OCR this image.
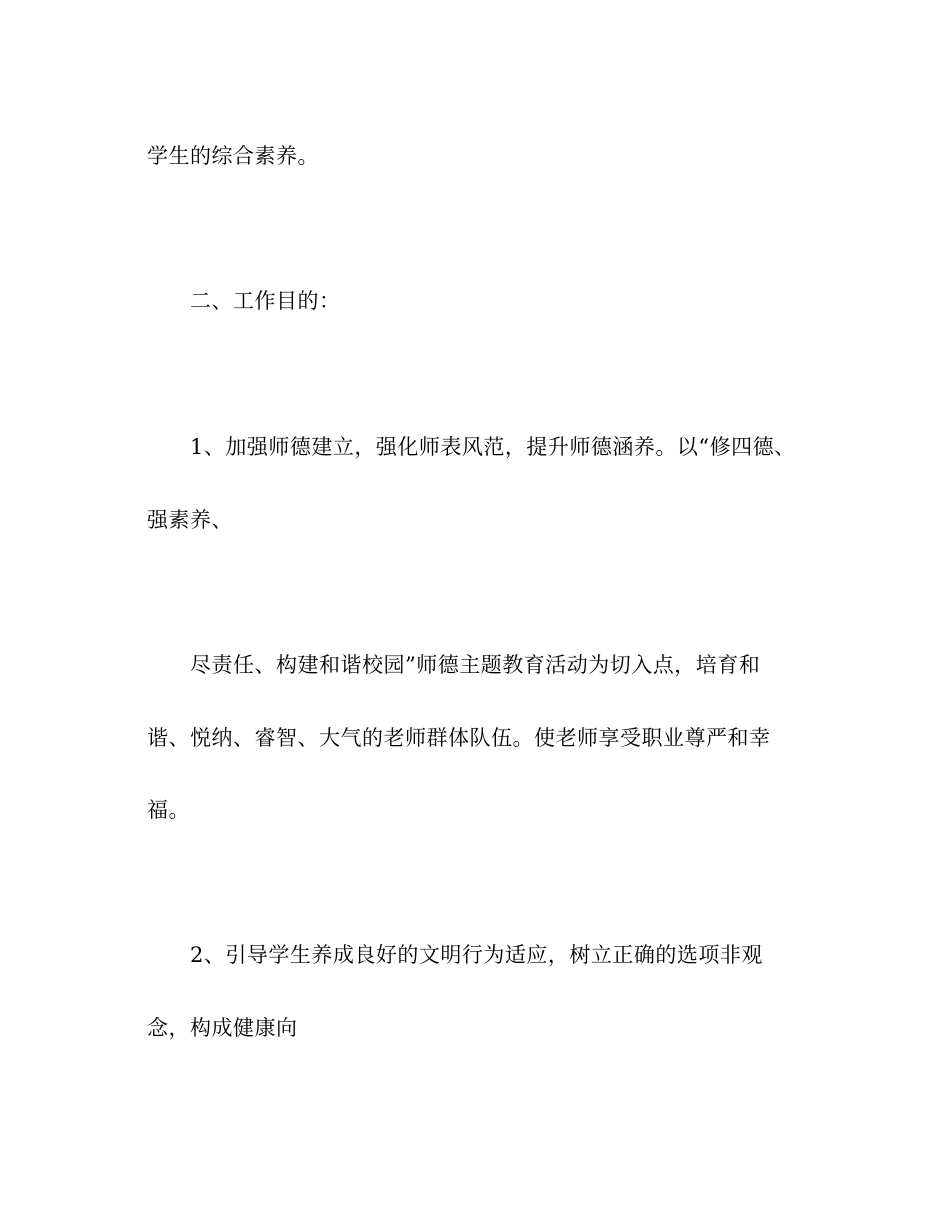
学生的综合素养。
二、工作目的：
1、加强师德建立，强化师表风范，提升师德涵养。以“修四德、
强素养、
尽责任、构建和谐校园”师德主题教育活动为切入点，培育和
谐、悦纳、睿智、大气的老师群体队伍。使老师享受职业尊严和幸
福。
2、引导学生养成良好的文明行为适应，树立正确的选项非观
念，构成健康向
